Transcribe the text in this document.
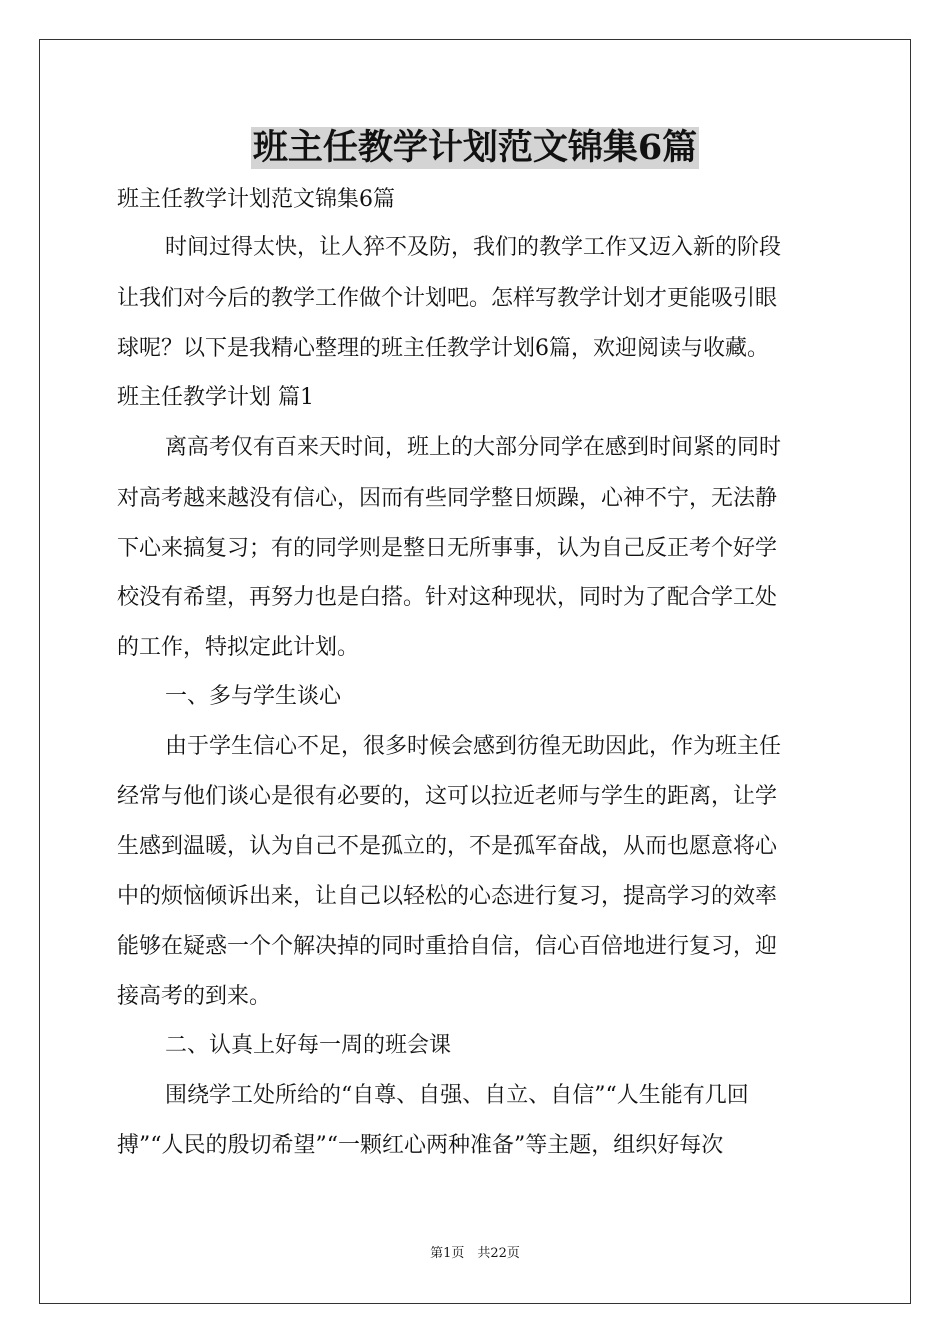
班主任教学计划范文锦集6篇
班主任教学计划范文锦集6篇
时间过得太快，让人猝不及防，我们的教学工作又迈入新的阶段
让我们对今后的教学工作做个计划吧。怎样写教学计划才更能吸引眼
球呢？以下是我精心整理的班主任教学计划6篇，欢迎阅读与收藏。
班主任教学计划 篇1
离高考仅有百来天时间，班上的大部分同学在感到时间紧的同时
对高考越来越没有信心，因而有些同学整日烦躁，心神不宁，无法静
下心来搞复习；有的同学则是整日无所事事，认为自己反正考个好学
校没有希望，再努力也是白搭。针对这种现状，同时为了配合学工处
的工作，特拟定此计划。
一、多与学生谈心
由于学生信心不足，很多时候会感到彷徨无助因此，作为班主任
经常与他们谈心是很有必要的，这可以拉近老师与学生的距离，让学
生感到温暖，认为自己不是孤立的，不是孤军奋战，从而也愿意将心
中的烦恼倾诉出来，让自己以轻松的心态进行复习，提高学习的效率
能够在疑惑一个个解决掉的同时重拾自信，信心百倍地进行复习，迎
接高考的到来。
二、认真上好每一周的班会课
围绕学工处所给的“自尊、自强、自立、自信”“人生能有几回
搏”“人民的殷切希望”“一颗红心两种准备”等主题，组织好每次
第1页　共22页
